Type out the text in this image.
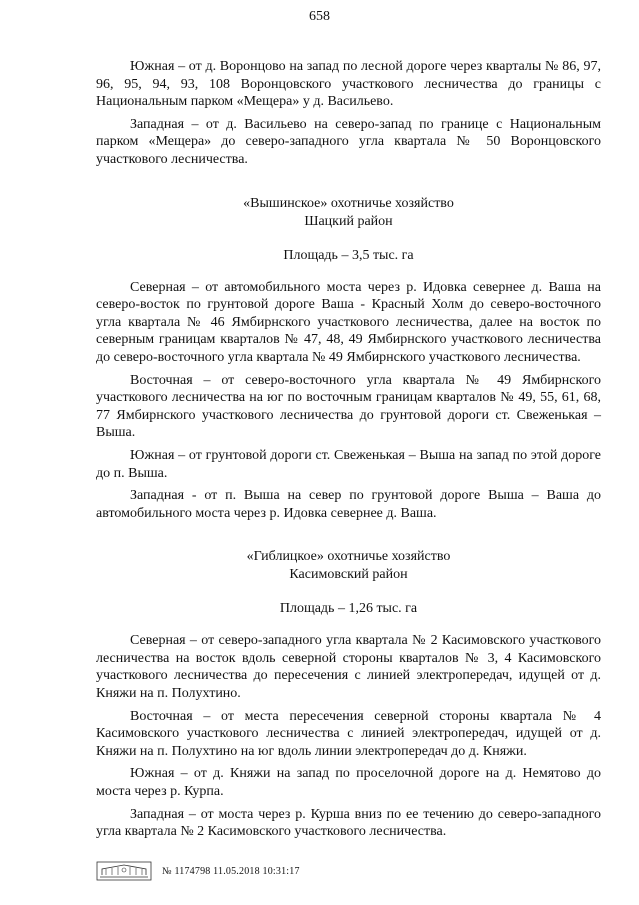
658

Южная – от д. Воронцово на запад по лесной дороге через кварталы № 86, 97, 96, 95, 94, 93, 108 Воронцовского участкового лесничества до границы с Национальным парком «Мещера» у д. Васильево.

Западная – от д. Васильево на северо-запад по границе с Национальным парком «Мещера» до северо-западного угла квартала № 50 Воронцовского участкового лесничества.

«Вышинское» охотничье хозяйство
Шацкий район
Площадь – 3,5 тыс. га

Северная – от автомобильного моста через р. Идовка севернее д. Ваша на северо-восток по грунтовой дороге Ваша - Красный Холм до северо-восточного угла квартала № 46 Ямбирнского участкового лесничества, далее на восток по северным границам кварталов № 47, 48, 49 Ямбирнского участкового лесничества до северо-восточного угла квартала № 49 Ямбирнского участкового лесничества.

Восточная – от северо-восточного угла квартала № 49 Ямбирнского участкового лесничества на юг по восточным границам кварталов № 49, 55, 61, 68, 77 Ямбирнского участкового лесничества до грунтовой дороги ст. Свеженькая – Выша.

Южная – от грунтовой дороги ст. Свеженькая – Выша на запад по этой дороге до п. Выша.

Западная - от п. Выша на север по грунтовой дороге Выша – Ваша до автомобильного моста через р. Идовка севернее д. Ваша.

«Гиблицкое» охотничье хозяйство
Касимовский район
Площадь – 1,26 тыс. га

Северная – от северо-западного угла квартала № 2 Касимовского участкового лесничества на восток вдоль северной стороны кварталов № 3, 4 Касимовского участкового лесничества до пересечения с линией электропередач, идущей от д. Княжи на п. Полухтино.

Восточная – от места пересечения северной стороны квартала № 4 Касимовского участкового лесничества с линией электропередач, идущей от д. Княжи на п. Полухтино на юг вдоль линии электропередач до д. Княжи.

Южная – от д. Княжи на запад по проселочной дороге на д. Немятово до моста через р. Курпа.

Западная – от моста через р. Курша вниз по ее течению до северо-западного угла квартала № 2 Касимовского участкового лесничества.

№ 1174798 11.05.2018 10:31:17
